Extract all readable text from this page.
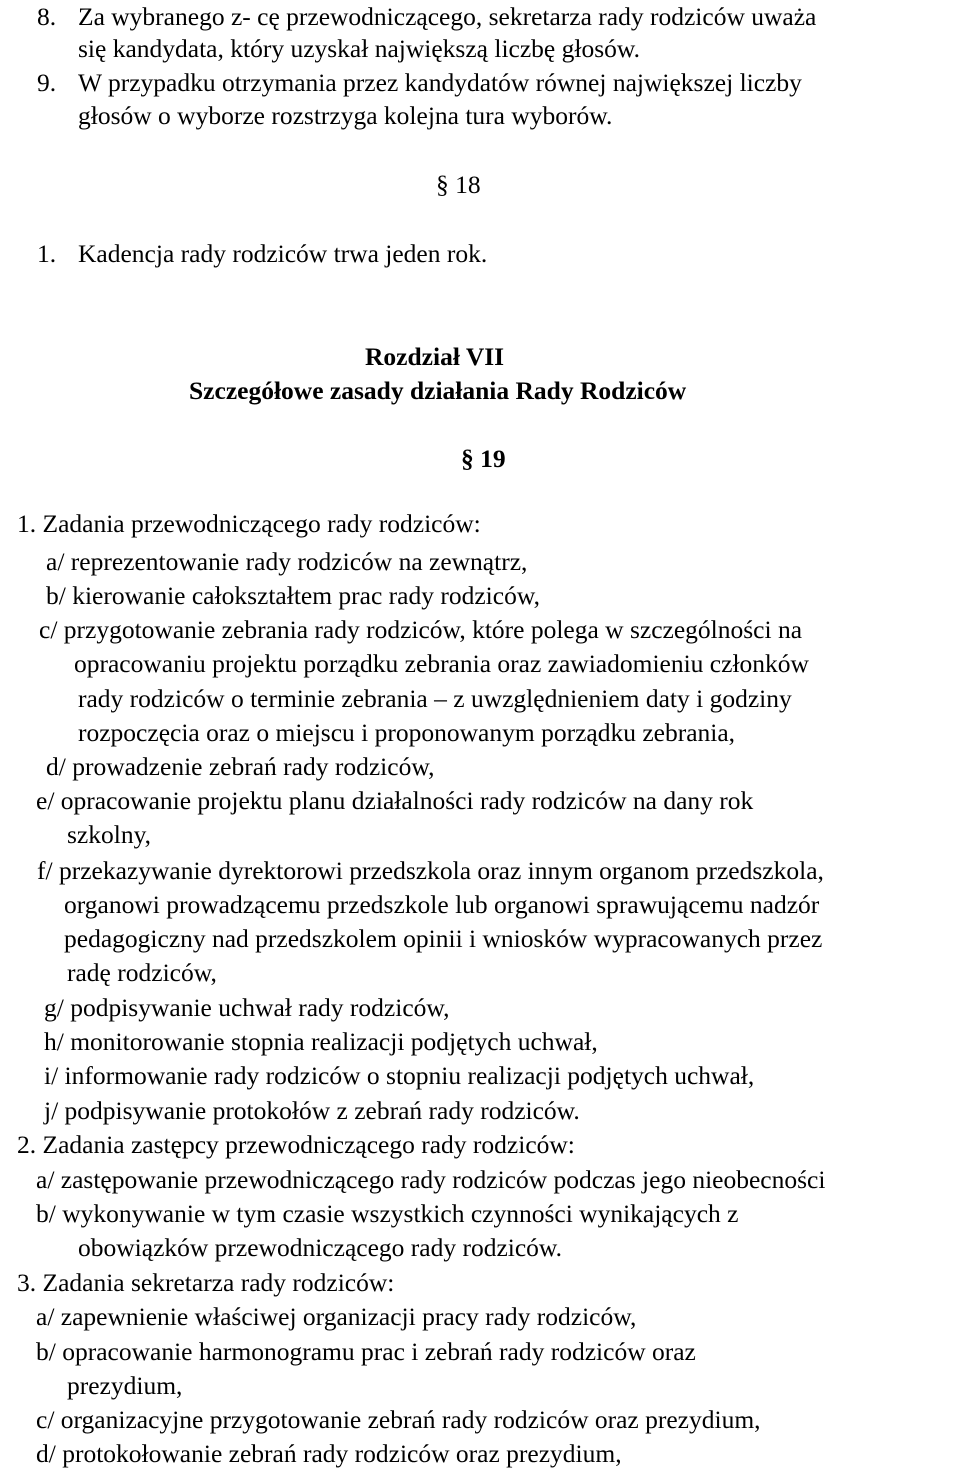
8. Za wybranego z- cę przewodniczącego, sekretarza rady rodziców uważa
się kandydata, który uzyskał największą liczbę głosów.
9. W przypadku otrzymania przez kandydatów równej największej liczby
głosów o wyborze rozstrzyga kolejna tura wyborów.
§ 18
1. Kadencja rady rodziców trwa jeden rok.
Rozdział VII
Szczegółowe zasady działania Rady Rodziców
§ 19
1. Zadania przewodniczącego rady rodziców:
a/ reprezentowanie rady rodziców na zewnątrz,
b/ kierowanie całokształtem prac rady rodziców,
c/ przygotowanie zebrania rady rodziców, które polega w szczególności na
opracowaniu projektu porządku zebrania oraz zawiadomieniu członków
rady rodziców o terminie zebrania – z uwzględnieniem daty i godziny
rozpoczęcia oraz o miejscu i proponowanym porządku zebrania,
d/ prowadzenie zebrań rady rodziców,
e/ opracowanie projektu planu działalności rady rodziców na dany rok
szkolny,
f/ przekazywanie dyrektorowi przedszkola oraz innym organom przedszkola,
organowi prowadzącemu przedszkole lub organowi sprawującemu nadzór
pedagogiczny nad przedszkolem opinii i wniosków wypracowanych przez
radę rodziców,
g/ podpisywanie uchwał rady rodziców,
h/ monitorowanie stopnia realizacji podjętych uchwał,
i/ informowanie rady rodziców o stopniu realizacji podjętych uchwał,
j/ podpisywanie protokołów z zebrań rady rodziców.
2. Zadania zastępcy przewodniczącego rady rodziców:
a/ zastępowanie przewodniczącego rady rodziców podczas jego nieobecności
b/ wykonywanie w tym czasie wszystkich czynności wynikających z
obowiązków przewodniczącego rady rodziców.
3. Zadania sekretarza rady rodziców:
a/ zapewnienie właściwej organizacji pracy rady rodziców,
b/ opracowanie harmonogramu prac i zebrań rady rodziców oraz
prezydium,
c/ organizacyjne przygotowanie zebrań rady rodziców oraz prezydium,
d/ protokołowanie zebrań rady rodziców oraz prezydium,
